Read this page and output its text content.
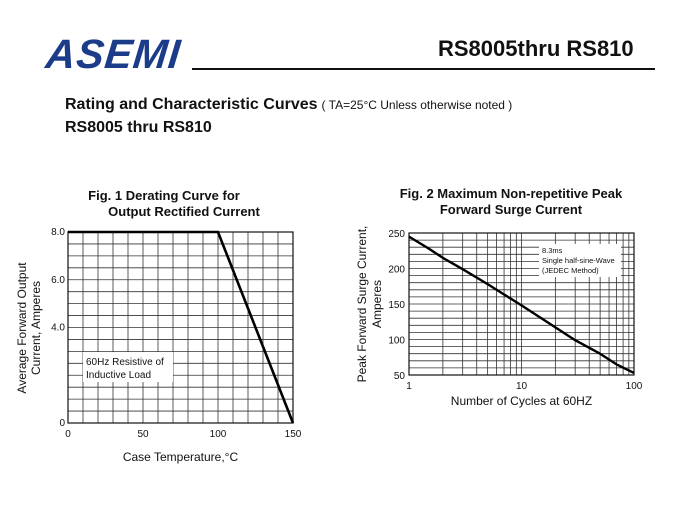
ASEMI	RS8005thru RS810
Rating and Characteristic Curves ( TA=25°C Unless otherwise noted )
RS8005 thru RS810
Fig. 1 Derating Curve for
Output Rectified Current
Fig. 2 Maximum Non-repetitive Peak
Forward Surge Current
60Hz Resistive of
Inductive Load
0	50	100	150
0
4.0
6.0
8.0
Case Temperature,°C
Average Forward Output Current, Amperes
8.3ms
Single half-sine-Wave
(JEDEC Method)
1	10	100
50
100
150
200
250
Number of Cycles at 60HZ
Peak Forward Surge Current, Amperes
